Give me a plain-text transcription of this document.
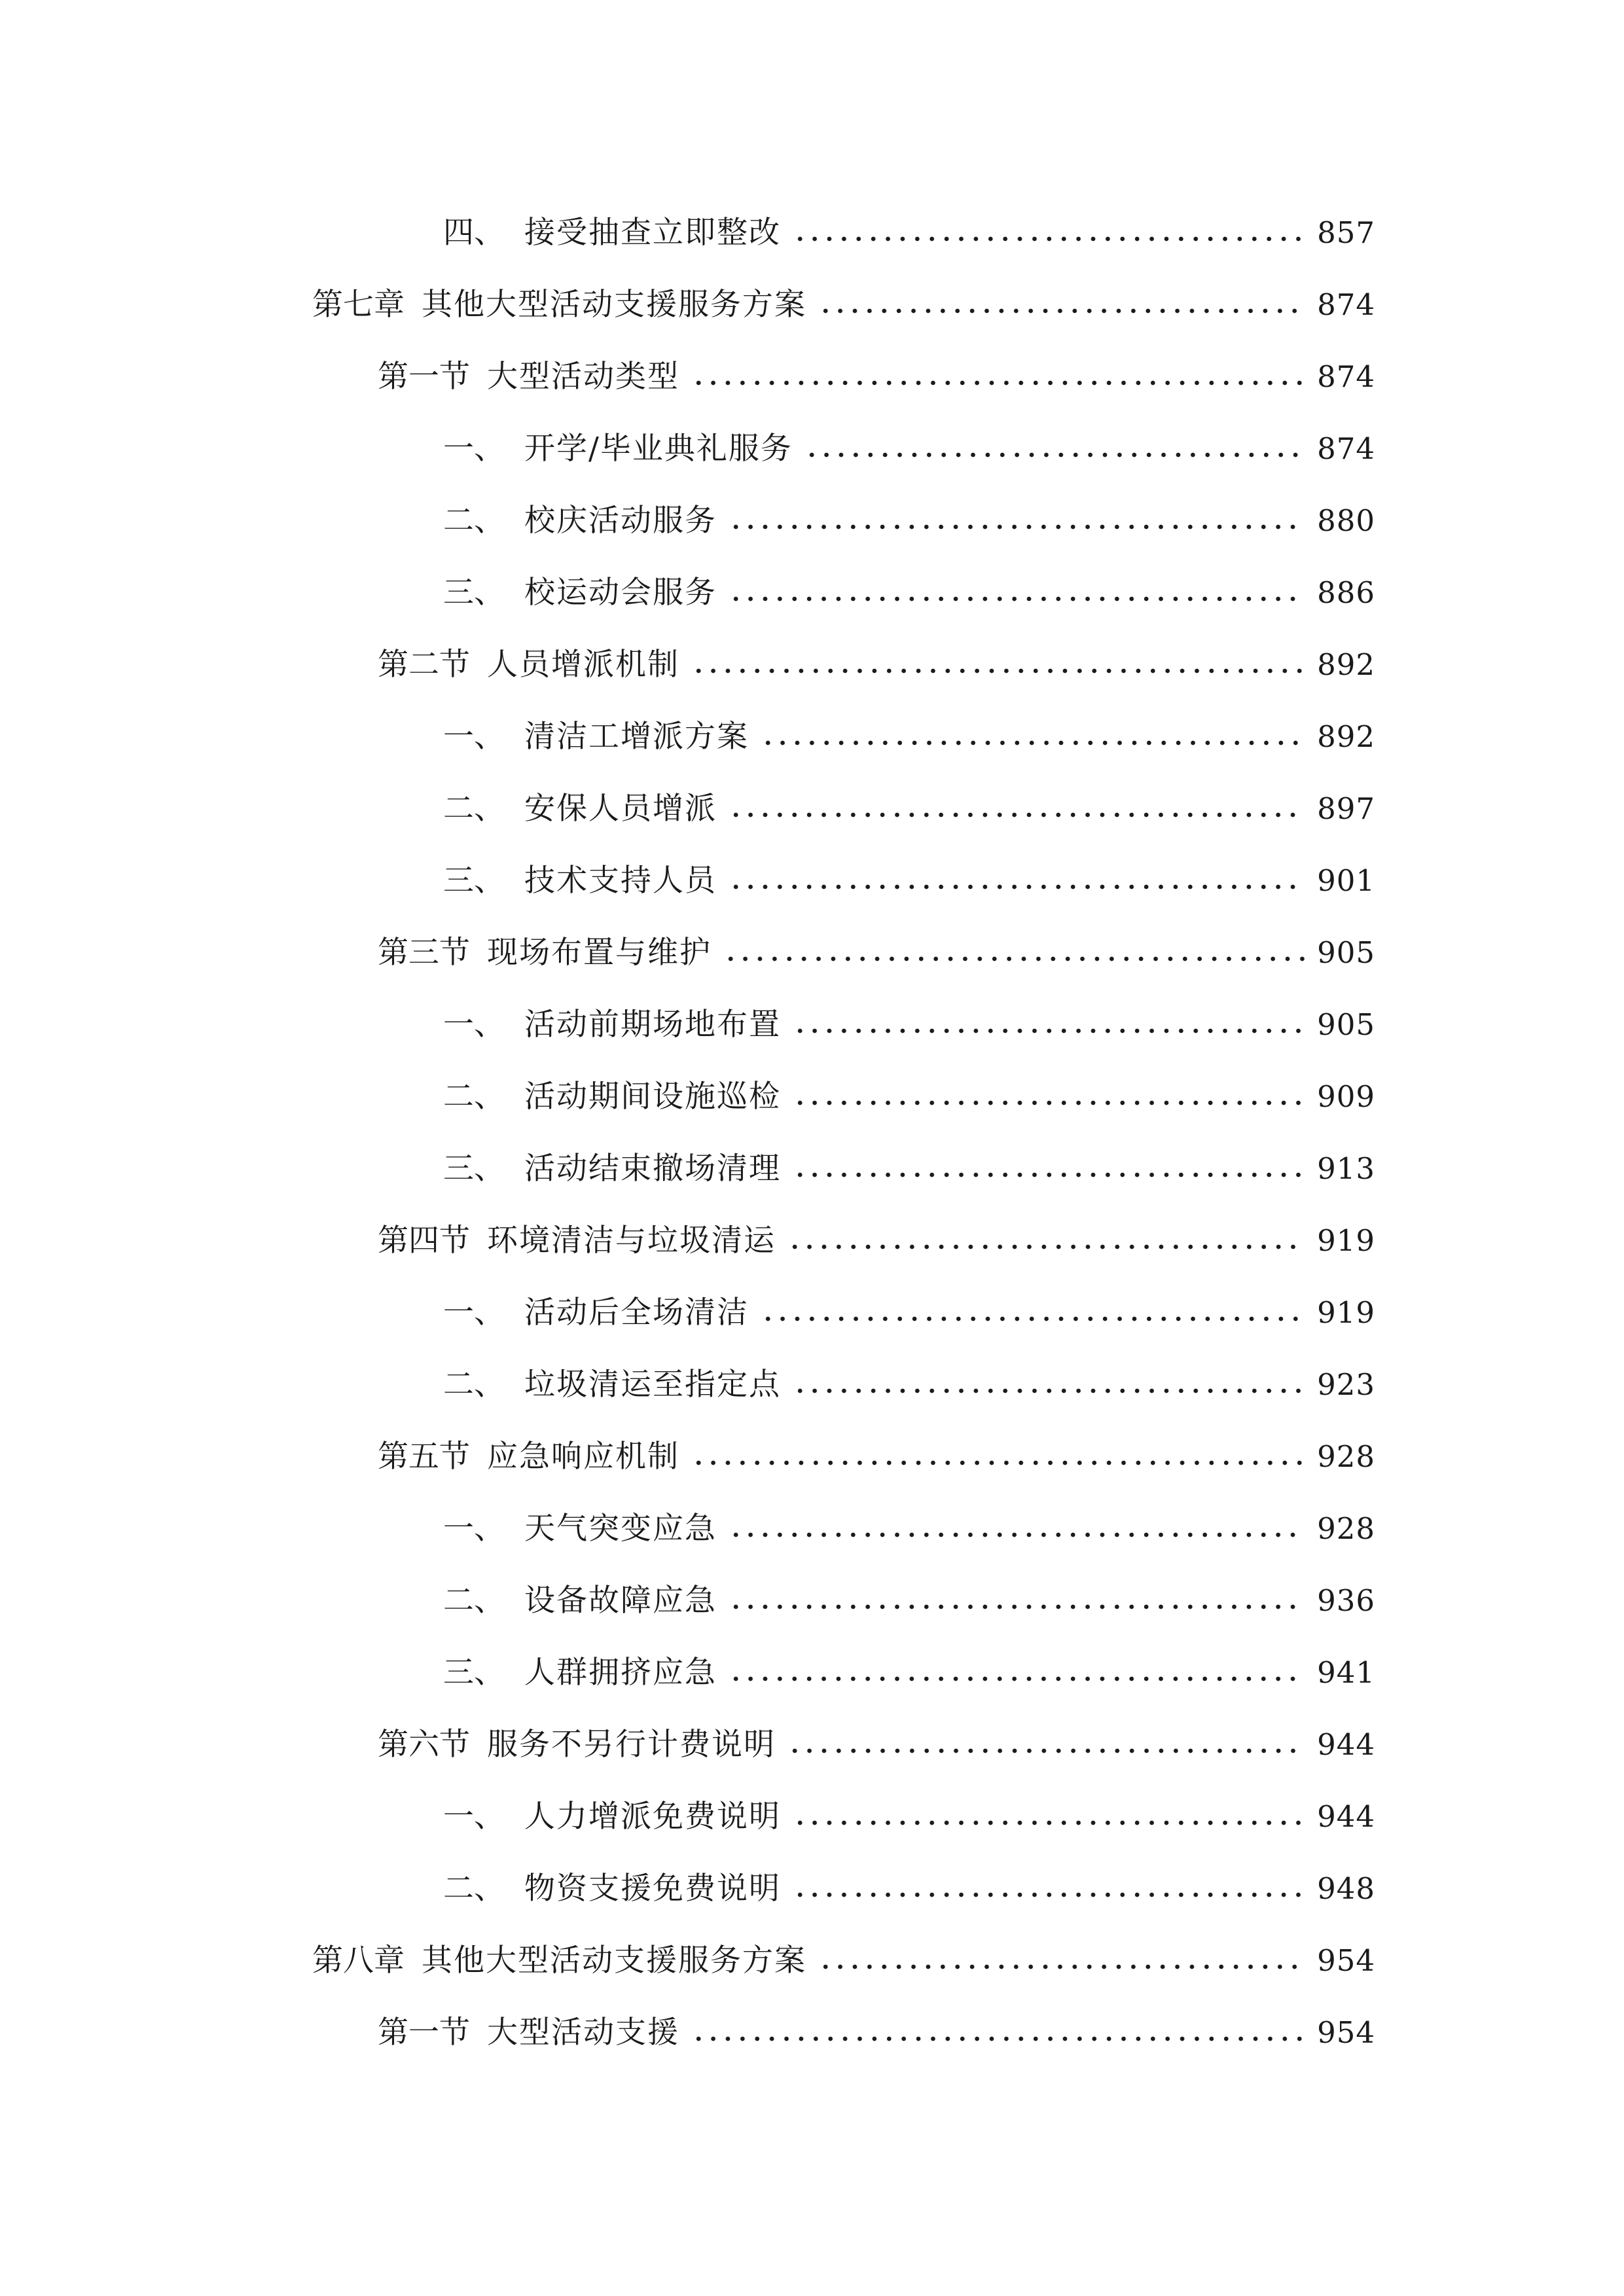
四、 接受抽查立即整改	857
第七章 其他大型活动支援服务方案	874
第一节 大型活动类型	874
一、 开学/毕业典礼服务	874
二、 校庆活动服务	880
三、 校运动会服务	886
第二节 人员增派机制	892
一、 清洁工增派方案	892
二、 安保人员增派	897
三、 技术支持人员	901
第三节 现场布置与维护	905
一、 活动前期场地布置	905
二、 活动期间设施巡检	909
三、 活动结束撤场清理	913
第四节 环境清洁与垃圾清运	919
一、 活动后全场清洁	919
二、 垃圾清运至指定点	923
第五节 应急响应机制	928
一、 天气突变应急	928
二、 设备故障应急	936
三、 人群拥挤应急	941
第六节 服务不另行计费说明	944
一、 人力增派免费说明	944
二、 物资支援免费说明	948
第八章 其他大型活动支援服务方案	954
第一节 大型活动支援	954
